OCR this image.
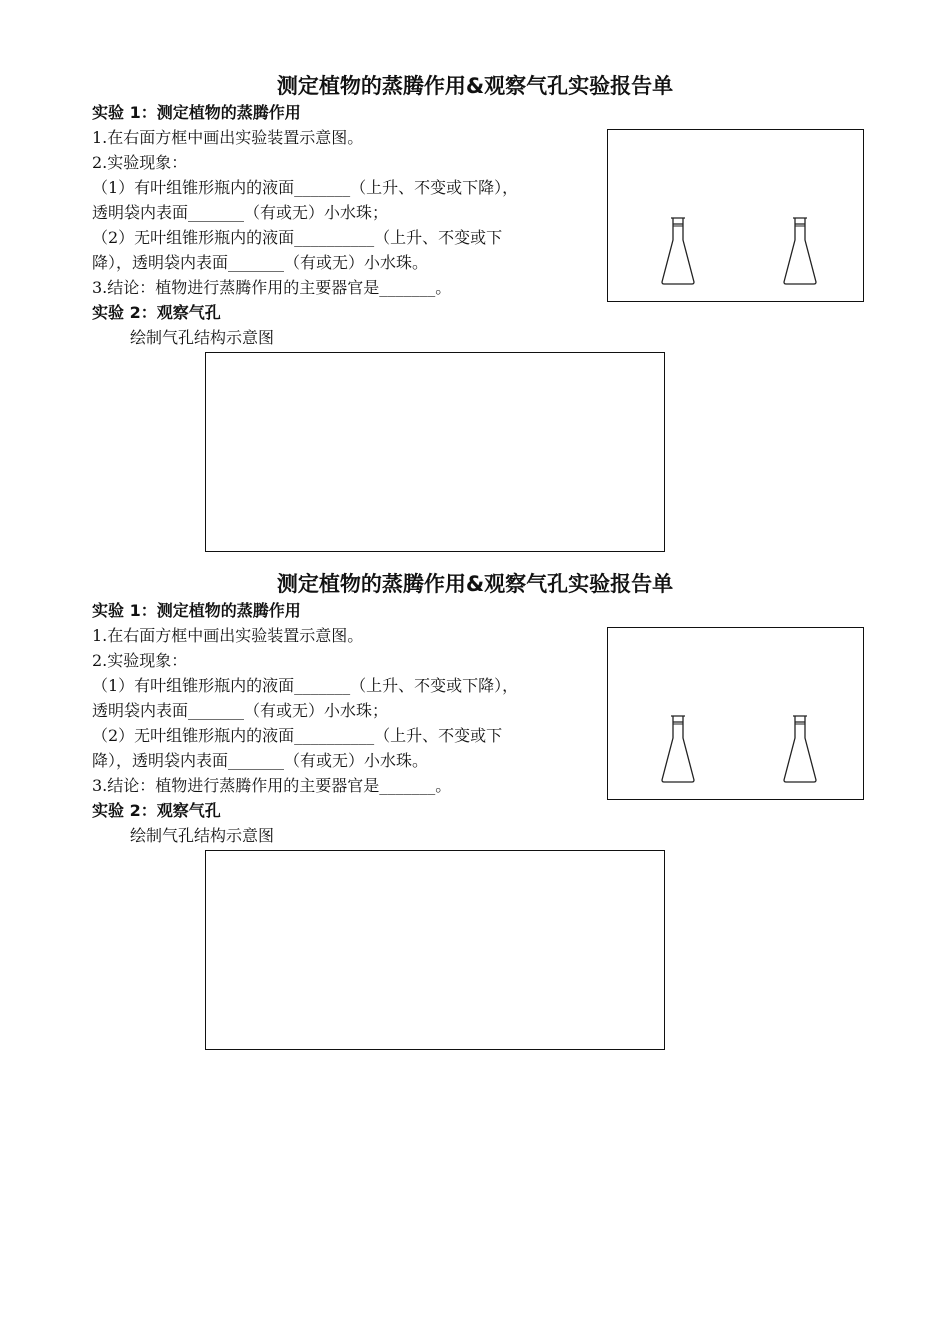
测定植物的蒸腾作用&观察气孔实验报告单
实验 1：测定植物的蒸腾作用
1.在右面方框中画出实验装置示意图。
2.实验现象：
（1）有叶组锥形瓶内的液面_______（上升、不变或下降），
透明袋内表面_______（有或无）小水珠；
（2）无叶组锥形瓶内的液面__________（上升、不变或下
降），透明袋内表面_______（有或无）小水珠。
3.结论：植物进行蒸腾作用的主要器官是_______。
实验 2：观察气孔
绘制气孔结构示意图
测定植物的蒸腾作用&观察气孔实验报告单
实验 1：测定植物的蒸腾作用
1.在右面方框中画出实验装置示意图。
2.实验现象：
（1）有叶组锥形瓶内的液面_______（上升、不变或下降），
透明袋内表面_______（有或无）小水珠；
（2）无叶组锥形瓶内的液面__________（上升、不变或下
降），透明袋内表面_______（有或无）小水珠。
3.结论：植物进行蒸腾作用的主要器官是_______。
实验 2：观察气孔
绘制气孔结构示意图
